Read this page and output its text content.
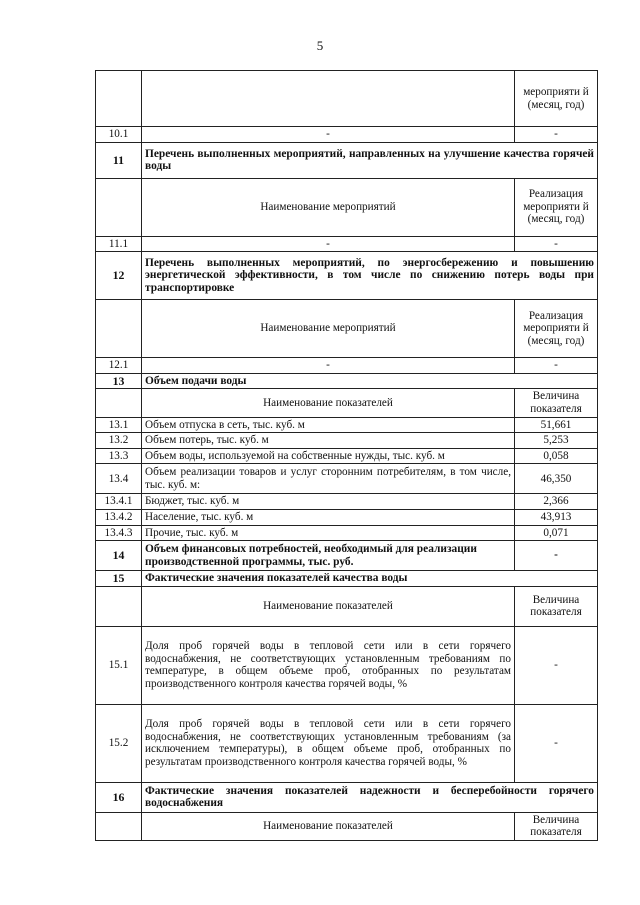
5
		мероприяти й (месяц, год)
10.1	-	-
11	Перечень выполненных мероприятий, направленных на улучшение качества горячей воды	
	Наименование мероприятий	Реализация мероприяти й (месяц, год)
11.1	-	-
12	Перечень выполненных мероприятий, по энергосбережению и повышению энергетической эффективности, в том числе по снижению потерь воды при транспортировке	
	Наименование мероприятий	Реализация мероприяти й (месяц, год)
12.1	-	-
13	Объем подачи воды	
	Наименование показателей	Величина показателя
13.1	Объем отпуска в сеть, тыс. куб. м	51,661
13.2	Объем потерь, тыс. куб. м	5,253
13.3	Объем воды, используемой на собственные нужды, тыс. куб. м	0,058
13.4	Объем реализации товаров и услуг сторонним потребителям, в том числе, тыс. куб. м:	46,350
13.4.1	Бюджет, тыс. куб. м	2,366
13.4.2	Население, тыс. куб. м	43,913
13.4.3	Прочие, тыс. куб. м	0,071
14	Объем финансовых потребностей, необходимый для реализации производственной программы, тыс. руб.	-
15	Фактические значения показателей качества воды	
	Наименование показателей	Величина показателя
15.1	Доля проб горячей воды в тепловой сети или в сети горячего водоснабжения, не соответствующих установленным требованиям по температуре, в общем объеме проб, отобранных по результатам производственного контроля качества горячей воды, %	-
15.2	Доля проб горячей воды в тепловой сети или в сети горячего водоснабжения, не соответствующих установленным требованиям (за исключением температуры), в общем объеме проб, отобранных по результатам производственного контроля качества горячей воды, %	-
16	Фактические значения показателей надежности и бесперебойности горячего водоснабжения	
	Наименование показателей	Величина показателя
